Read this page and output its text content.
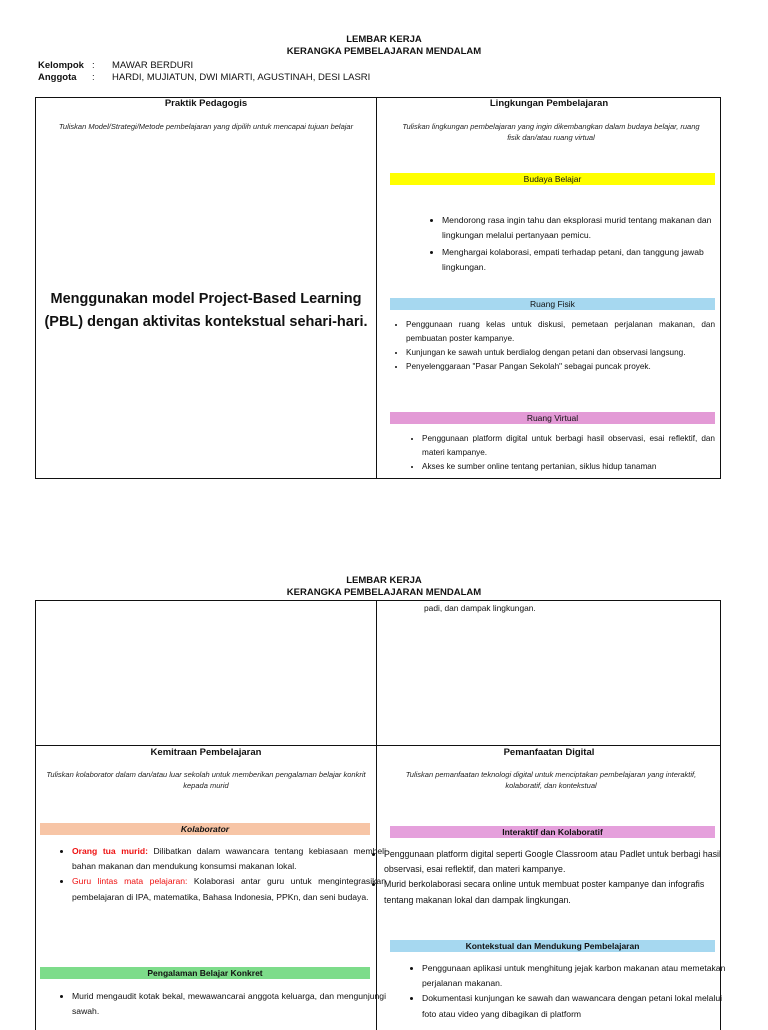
LEMBAR KERJA
KERANGKA PEMBELAJARAN MENDALAM
Kelompok : MAWAR BERDURI
Anggota : HARDI, MUJIATUN, DWI MIARTI, AGUSTINAH, DESI LASRI
Praktik Pedagogis
Tuliskan Model/Strategi/Metode pembelajaran yang dipilih untuk mencapai tujuan belajar
Menggunakan model Project-Based Learning (PBL) dengan aktivitas kontekstual sehari-hari.
Lingkungan Pembelajaran
Tuliskan lingkungan pembelajaran yang ingin dikembangkan dalam budaya belajar, ruang fisik dan/atau ruang virtual
Budaya Belajar
• Mendorong rasa ingin tahu dan eksplorasi murid tentang makanan dan lingkungan melalui pertanyaan pemicu.
• Menghargai kolaborasi, empati terhadap petani, dan tanggung jawab lingkungan.
Ruang Fisik
• Penggunaan ruang kelas untuk diskusi, pemetaan perjalanan makanan, dan pembuatan poster kampanye.
• Kunjungan ke sawah untuk berdialog dengan petani dan observasi langsung.
• Penyelenggaraan "Pasar Pangan Sekolah" sebagai puncak proyek.
Ruang Virtual
• Penggunaan platform digital untuk berbagi hasil observasi, esai reflektif, dan materi kampanye.
• Akses ke sumber online tentang pertanian, siklus hidup tanaman
LEMBAR KERJA
KERANGKA PEMBELAJARAN MENDALAM
padi, dan dampak lingkungan.
Kemitraan Pembelajaran
Tuliskan kolaborator dalam dan/atau luar sekolah untuk memberikan pengalaman belajar konkrit kepada murid
Kolaborator
• Orang tua murid: Dilibatkan dalam wawancara tentang kebiasaan membeli bahan makanan dan mendukung konsumsi makanan lokal.
• Guru lintas mata pelajaran: Kolaborasi antar guru untuk mengintegrasikan pembelajaran di IPA, matematika, Bahasa Indonesia, PPKn, dan seni budaya.
Pengalaman Belajar Konkret
• Murid mengaudit kotak bekal, mewawancarai anggota keluarga, dan mengunjungi sawah.
Pemanfaatan Digital
Tuliskan pemanfaatan teknologi digital untuk menciptakan pembelajaran yang interaktif, kolaboratif, dan kontekstual
Interaktif dan Kolaboratif
• Penggunaan platform digital seperti Google Classroom atau Padlet untuk berbagi hasil observasi, esai reflektif, dan materi kampanye.
• Murid berkolaborasi secara online untuk membuat poster kampanye dan infografis tentang makanan lokal dan dampak lingkungan.
Kontekstual dan Mendukung Pembelajaran
• Penggunaan aplikasi untuk menghitung jejak karbon makanan atau memetakan perjalanan makanan.
• Dokumentasi kunjungan ke sawah dan wawancara dengan petani lokal melalui foto atau video yang dibagikan di platform
